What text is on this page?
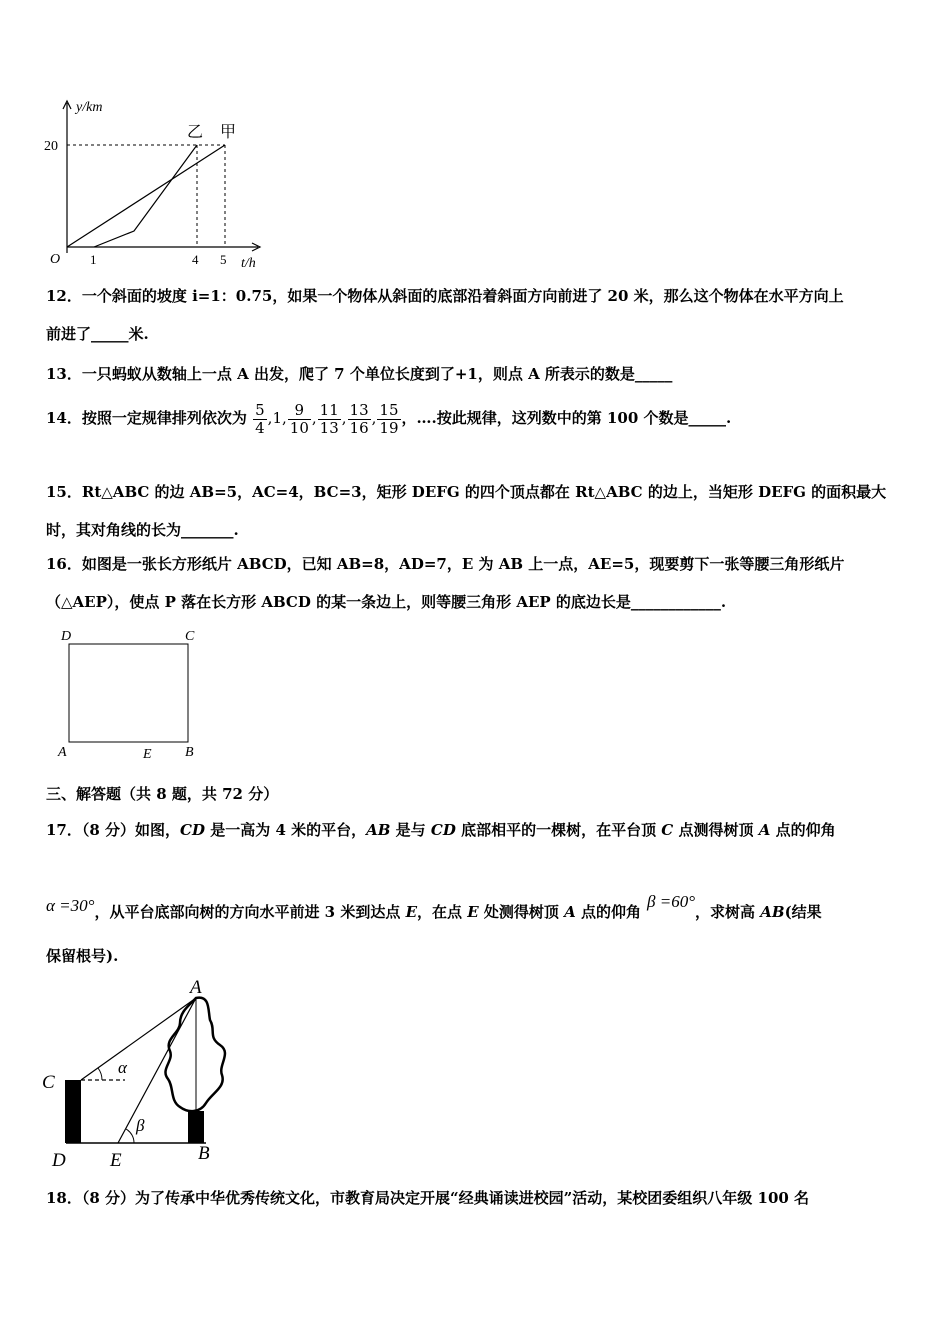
y/km
t/h
O
20
1	4 5
乙 甲
12．一个斜面的坡度 i=1：0.75，如果一个物体从斜面的底部沿着斜面方向前进了 20 米，那么这个物体在水平方向上
前进了_____米.
13．一只蚂蚁从数轴上一点 A 出发，爬了 7 个单位长度到了+1，则点 A 所表示的数是_____
14．按照一定规律排列依次为 $\frac{5}{4} ,1$, $\frac{9}{10}$ , $\frac{11}{13}$ , $\frac{13}{16}$ , $\frac{15}{19}$ ，….按此规律，这列数中的第 100 个数是_____.
15．Rt△ABC 的边 AB=5，AC=4，BC=3，矩形 DEFG 的四个顶点都在 Rt△ABC 的边上，当矩形 DEFG 的面积最大
时，其对角线的长为_______.
16．如图是一张长方形纸片 ABCD，已知 AB=8，AD=7，E 为 AB 上一点，AE=5，现要剪下一张等腰三角形纸片
（△AEP），使点 P 落在长方形 ABCD 的某一条边上，则等腰三角形 AEP 的底边长是____________.
D	C
A	E B
三、解答题（共 8 题，共 72 分）
17．（8 分）如图，CD 是一高为 4 米的平台，AB 是与 CD 底部相平的一棵树，在平台顶 C 点测得树顶 A 点的仰角
α =30°，从平台底部向树的方向水平前进 3 米到达点 E，在点 E 处测得树顶 A 点的仰角β =60°，求树高 AB(结果
保留根号).
A
C
D E	B
α
β
18．（8 分）为了传承中华优秀传统文化，市教育局决定开展“经典诵读进校园”活动，某校团委组织八年级 100 名
